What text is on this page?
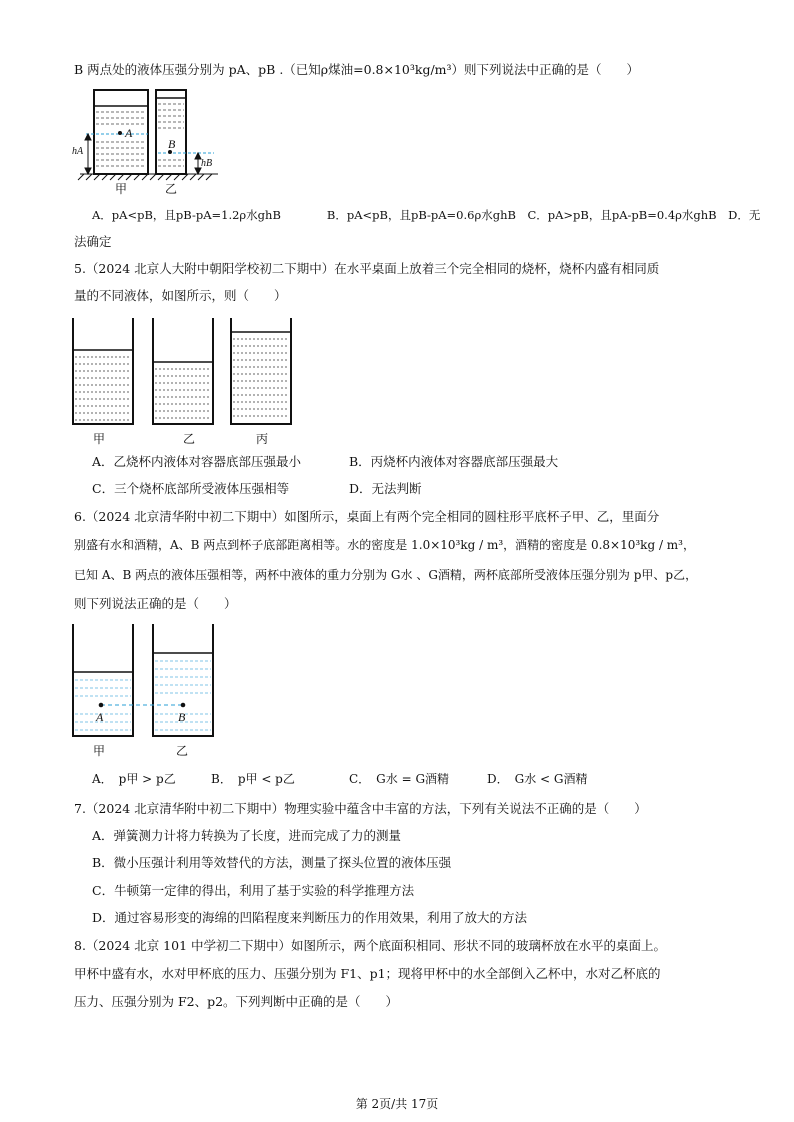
B 两点处的液体压强分别为 pA、pB .（已知ρ煤油=0.8×10³kg/m³）则下列说法中正确的是（　　）
A
B
hA
hB
甲	乙
A．pA<pB，且pB-pA=1.2ρ水ghB　　　　B．pA<pB，且pB-pA=0.6ρ水ghB　C．pA>pB，且pA-pB=0.4ρ水ghB　D．无
法确定
5.（2024 北京人大附中朝阳学校初二下期中）在水平桌面上放着三个完全相同的烧杯，烧杯内盛有相同质
量的不同液体，如图所示，则（　　）
甲	乙	丙
A．乙烧杯内液体对容器底部压强最小	B．丙烧杯内液体对容器底部压强最大
C．三个烧杯底部所受液体压强相等	D．无法判断
6.（2024 北京清华附中初二下期中）如图所示，桌面上有两个完全相同的圆柱形平底杯子甲、乙，里面分
别盛有水和酒精，A、B 两点到杯子底部距离相等。水的密度是 1.0×10³kg / m³，酒精的密度是 0.8×10³kg / m³，
已知 A、B 两点的液体压强相等，两杯中液体的重力分别为 G水 、G酒精，两杯底部所受液体压强分别为 p甲、p乙，
则下列说法正确的是（　　）
A	B
甲	乙
A．　p甲 > p乙	B．　p甲 < p乙	C．　G水 = G酒精	D．　G水 < G酒精
7.（2024 北京清华附中初二下期中）物理实验中蕴含中丰富的方法，下列有关说法不正确的是（　　）
A．弹簧测力计将力转换为了长度，进而完成了力的测量
B．微小压强计利用等效替代的方法，测量了探头位置的液体压强
C．牛顿第一定律的得出，利用了基于实验的科学推理方法
D．通过容易形变的海绵的凹陷程度来判断压力的作用效果，利用了放大的方法
8.（2024 北京 101 中学初二下期中）如图所示，两个底面积相同、形状不同的玻璃杯放在水平的桌面上。
甲杯中盛有水，水对甲杯底的压力、压强分别为 F1、p1；现将甲杯中的水全部倒入乙杯中，水对乙杯底的
压力、压强分别为 F2、p2。下列判断中正确的是（　　）
第 2页/共 17页
